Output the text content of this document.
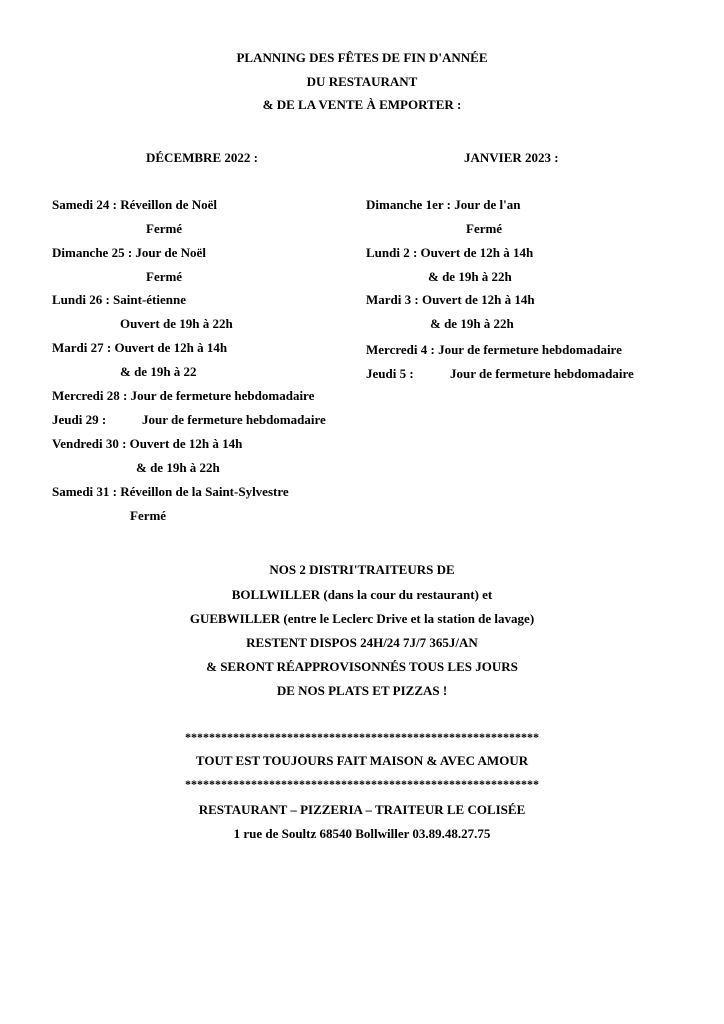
PLANNING DES FÊTES DE FIN D'ANNÉE
DU RESTAURANT
& DE LA VENTE À EMPORTER :
DÉCEMBRE 2022 :	JANVIER 2023 :
Samedi 24 : Réveillon de Noël
Fermé
Dimanche 25 : Jour de Noël
Fermé
Lundi 26 : Saint-étienne
Ouvert de 19h à 22h
Mardi 27 : Ouvert de 12h à 14h
& de 19h à 22
Mercredi 28 : Jour de fermeture hebdomadaire
Jeudi 29 :	Jour de fermeture hebdomadaire
Vendredi 30 : Ouvert de 12h à 14h
& de 19h à 22h
Samedi 31 : Réveillon de la Saint-Sylvestre
Fermé
Dimanche 1er : Jour de l'an
Fermé
Lundi 2 : Ouvert de 12h à 14h
& de 19h à 22h
Mardi 3 : Ouvert de 12h à 14h
& de 19h à 22h
Mercredi 4 : Jour de fermeture hebdomadaire
Jeudi 5 :	Jour de fermeture hebdomadaire
NOS 2 DISTRI'TRAITEURS DE
BOLLWILLER (dans la cour du restaurant) et
GUEBWILLER (entre le Leclerc Drive et la station de lavage)
RESTENT DISPOS 24H/24 7J/7 365J/AN
& SERONT RÉAPPROVISONNÉS TOUS LES JOURS
DE NOS PLATS ET PIZZAS !
***********************************************************
TOUT EST TOUJOURS FAIT MAISON & AVEC AMOUR
***********************************************************
RESTAURANT – PIZZERIA – TRAITEUR LE COLISÉE
1 rue de Soultz 68540 Bollwiller 03.89.48.27.75
